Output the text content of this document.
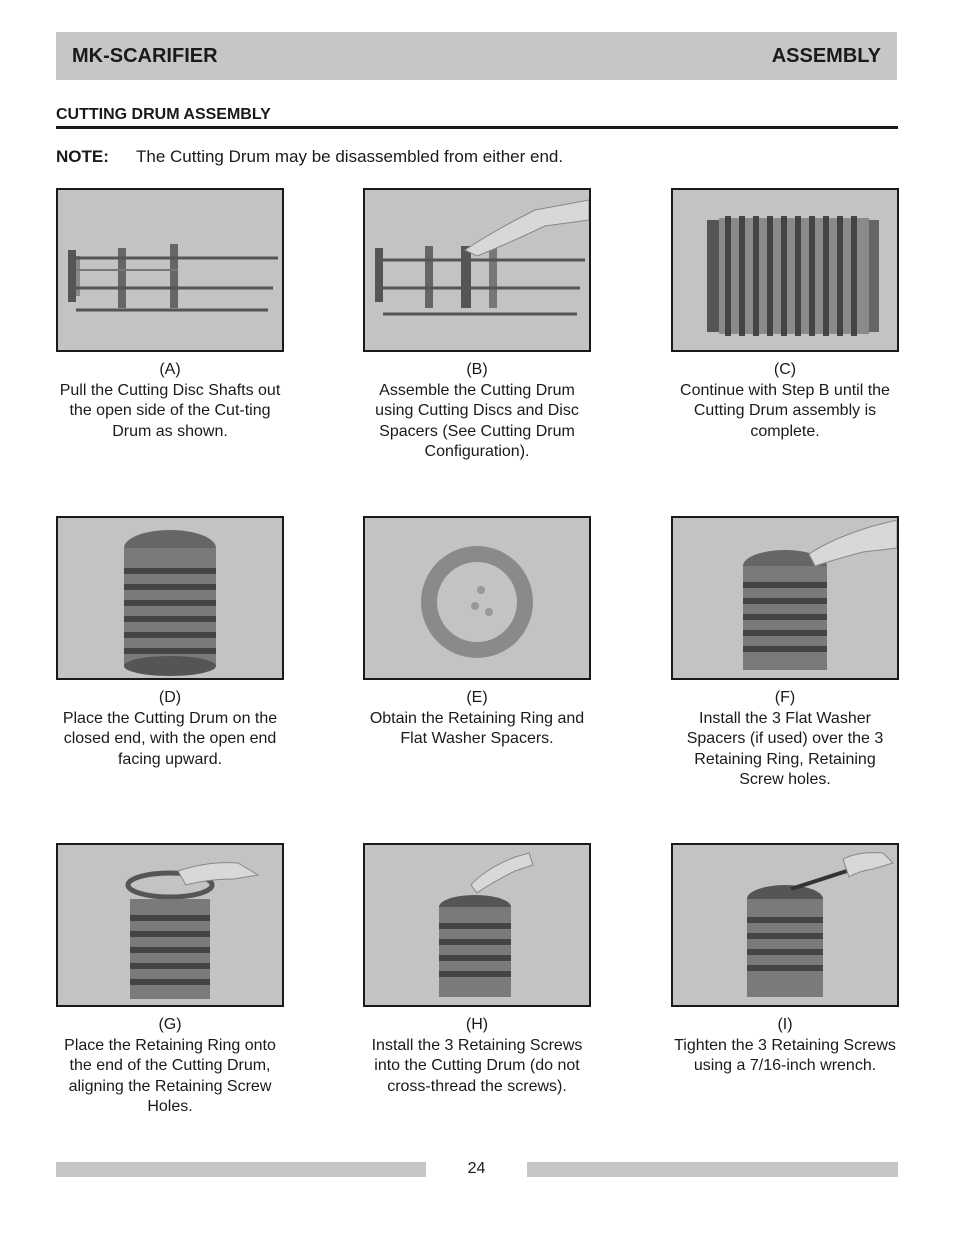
MK-SCARIFIER	ASSEMBLY
CUTTING DRUM ASSEMBLY
NOTE: The Cutting Drum may be disassembled from either end.
(A)
Pull the Cutting Disc Shafts out the open side of the Cut-ting Drum as shown.
(B)
Assemble the Cutting Drum using Cutting Discs and Disc Spacers (See Cutting Drum Configuration).
(C)
Continue with Step B until the Cutting Drum assembly is complete.
(D)
Place the Cutting Drum on the closed end, with the open end facing upward.
(E)
Obtain the Retaining Ring and Flat Washer Spacers.
(F)
Install the 3 Flat Washer Spacers (if used) over the 3 Retaining Ring, Retaining Screw holes.
(G)
Place the Retaining Ring onto the end of the Cutting Drum, aligning the Retaining Screw Holes.
(H)
Install the 3 Retaining Screws into the Cutting Drum (do not cross-thread the screws).
(I)
Tighten the 3 Retaining Screws using a 7/16-inch wrench.
24
